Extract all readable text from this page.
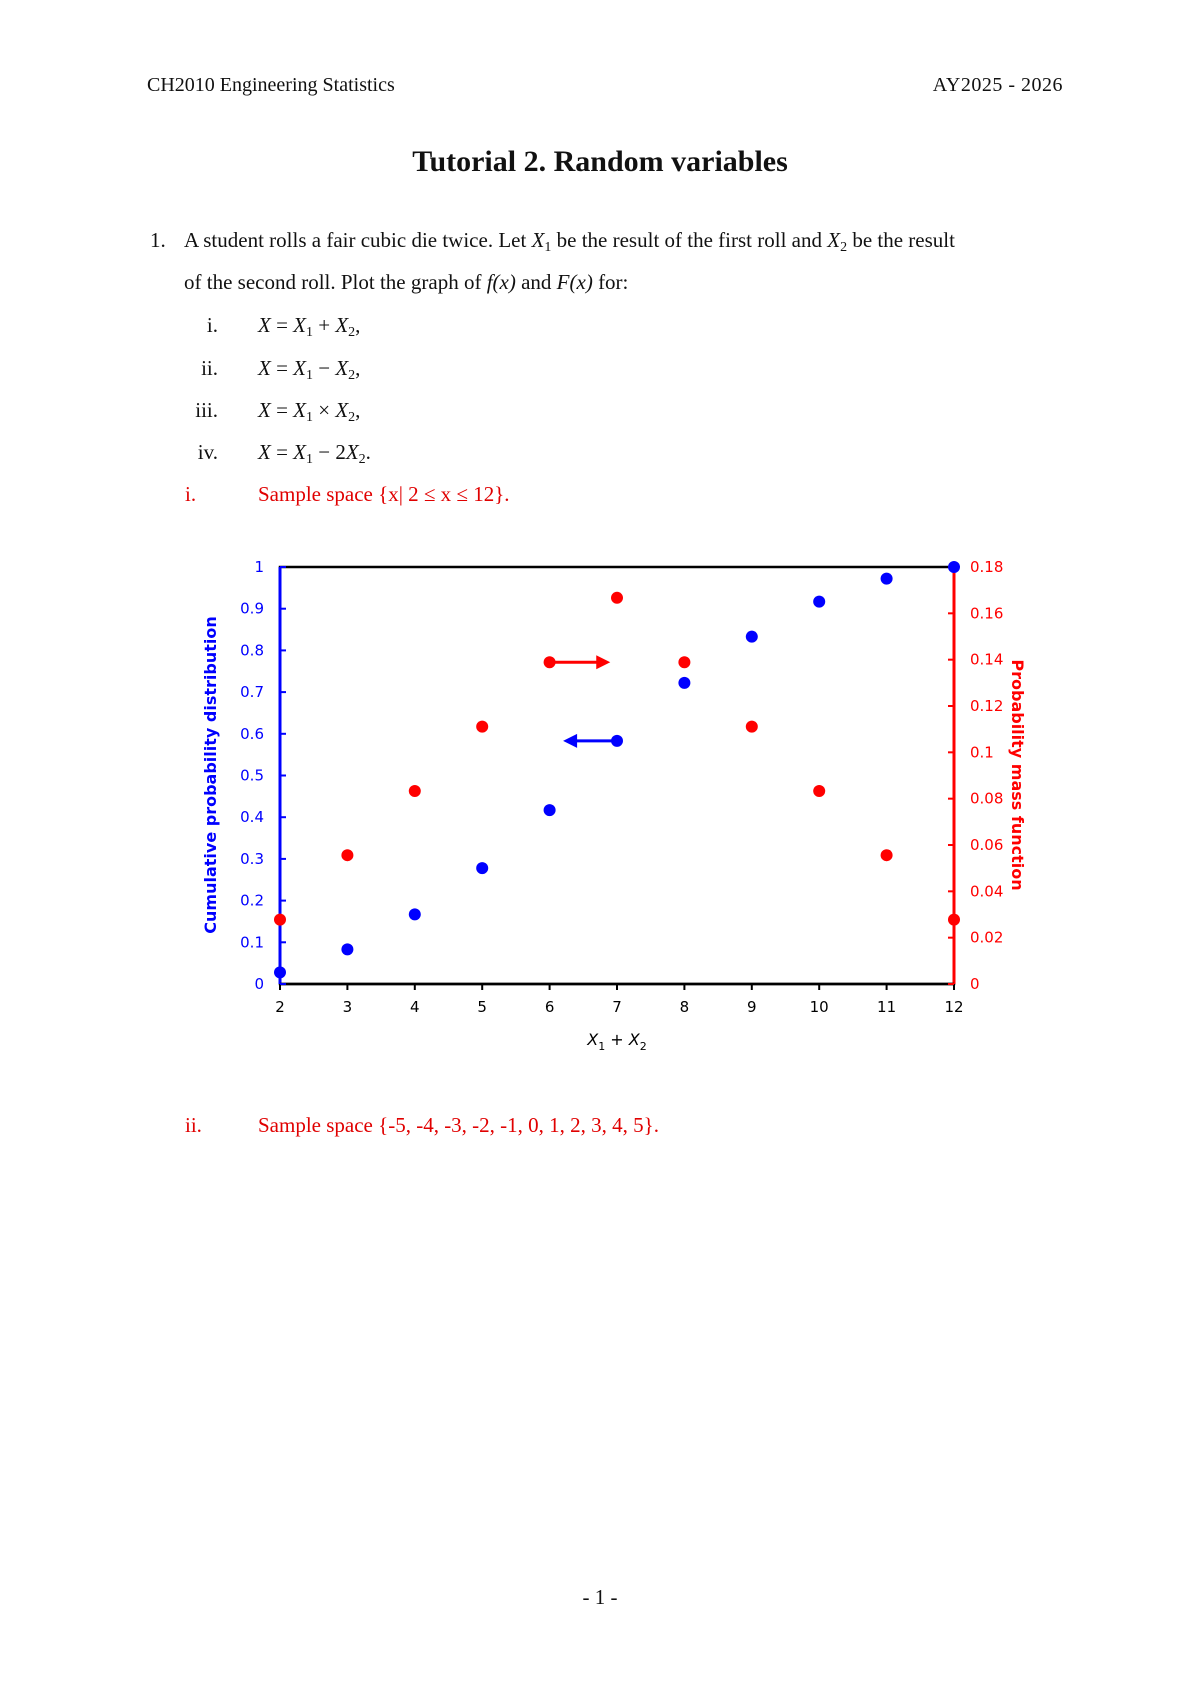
CH2010 Engineering Statistics	AY2025 - 2026
Tutorial 2. Random variables
1. A student rolls a fair cubic die twice. Let $X_1$ be the result of the first roll and $X_2$ be the result
of the second roll. Plot the graph of f(x) and F(x) for:
i. $X = X_1 + X_2$,
ii. $X = X_1 - X_2$,
iii. $X = X_1 \times X_2$,
iv. $X = X_1 - 2X_2$.
i.	Sample space {x| 2 ≤ x ≤ 12}.
2	3	4	5	6	7	8	9	10	11	12
0
0.1
0.2
0.3
0.4
0.5
0.6
0.7
0.8
0.9
1
0
0.02
0.04
0.06
0.08
0.1
0.12
0.14
0.16
0.18
$X_1 + X_2$
Cumulative probability distribution	Probability mass function
ii.	Sample space {-5, -4, -3, -2, -1, 0, 1, 2, 3, 4, 5}.
- 1 -
